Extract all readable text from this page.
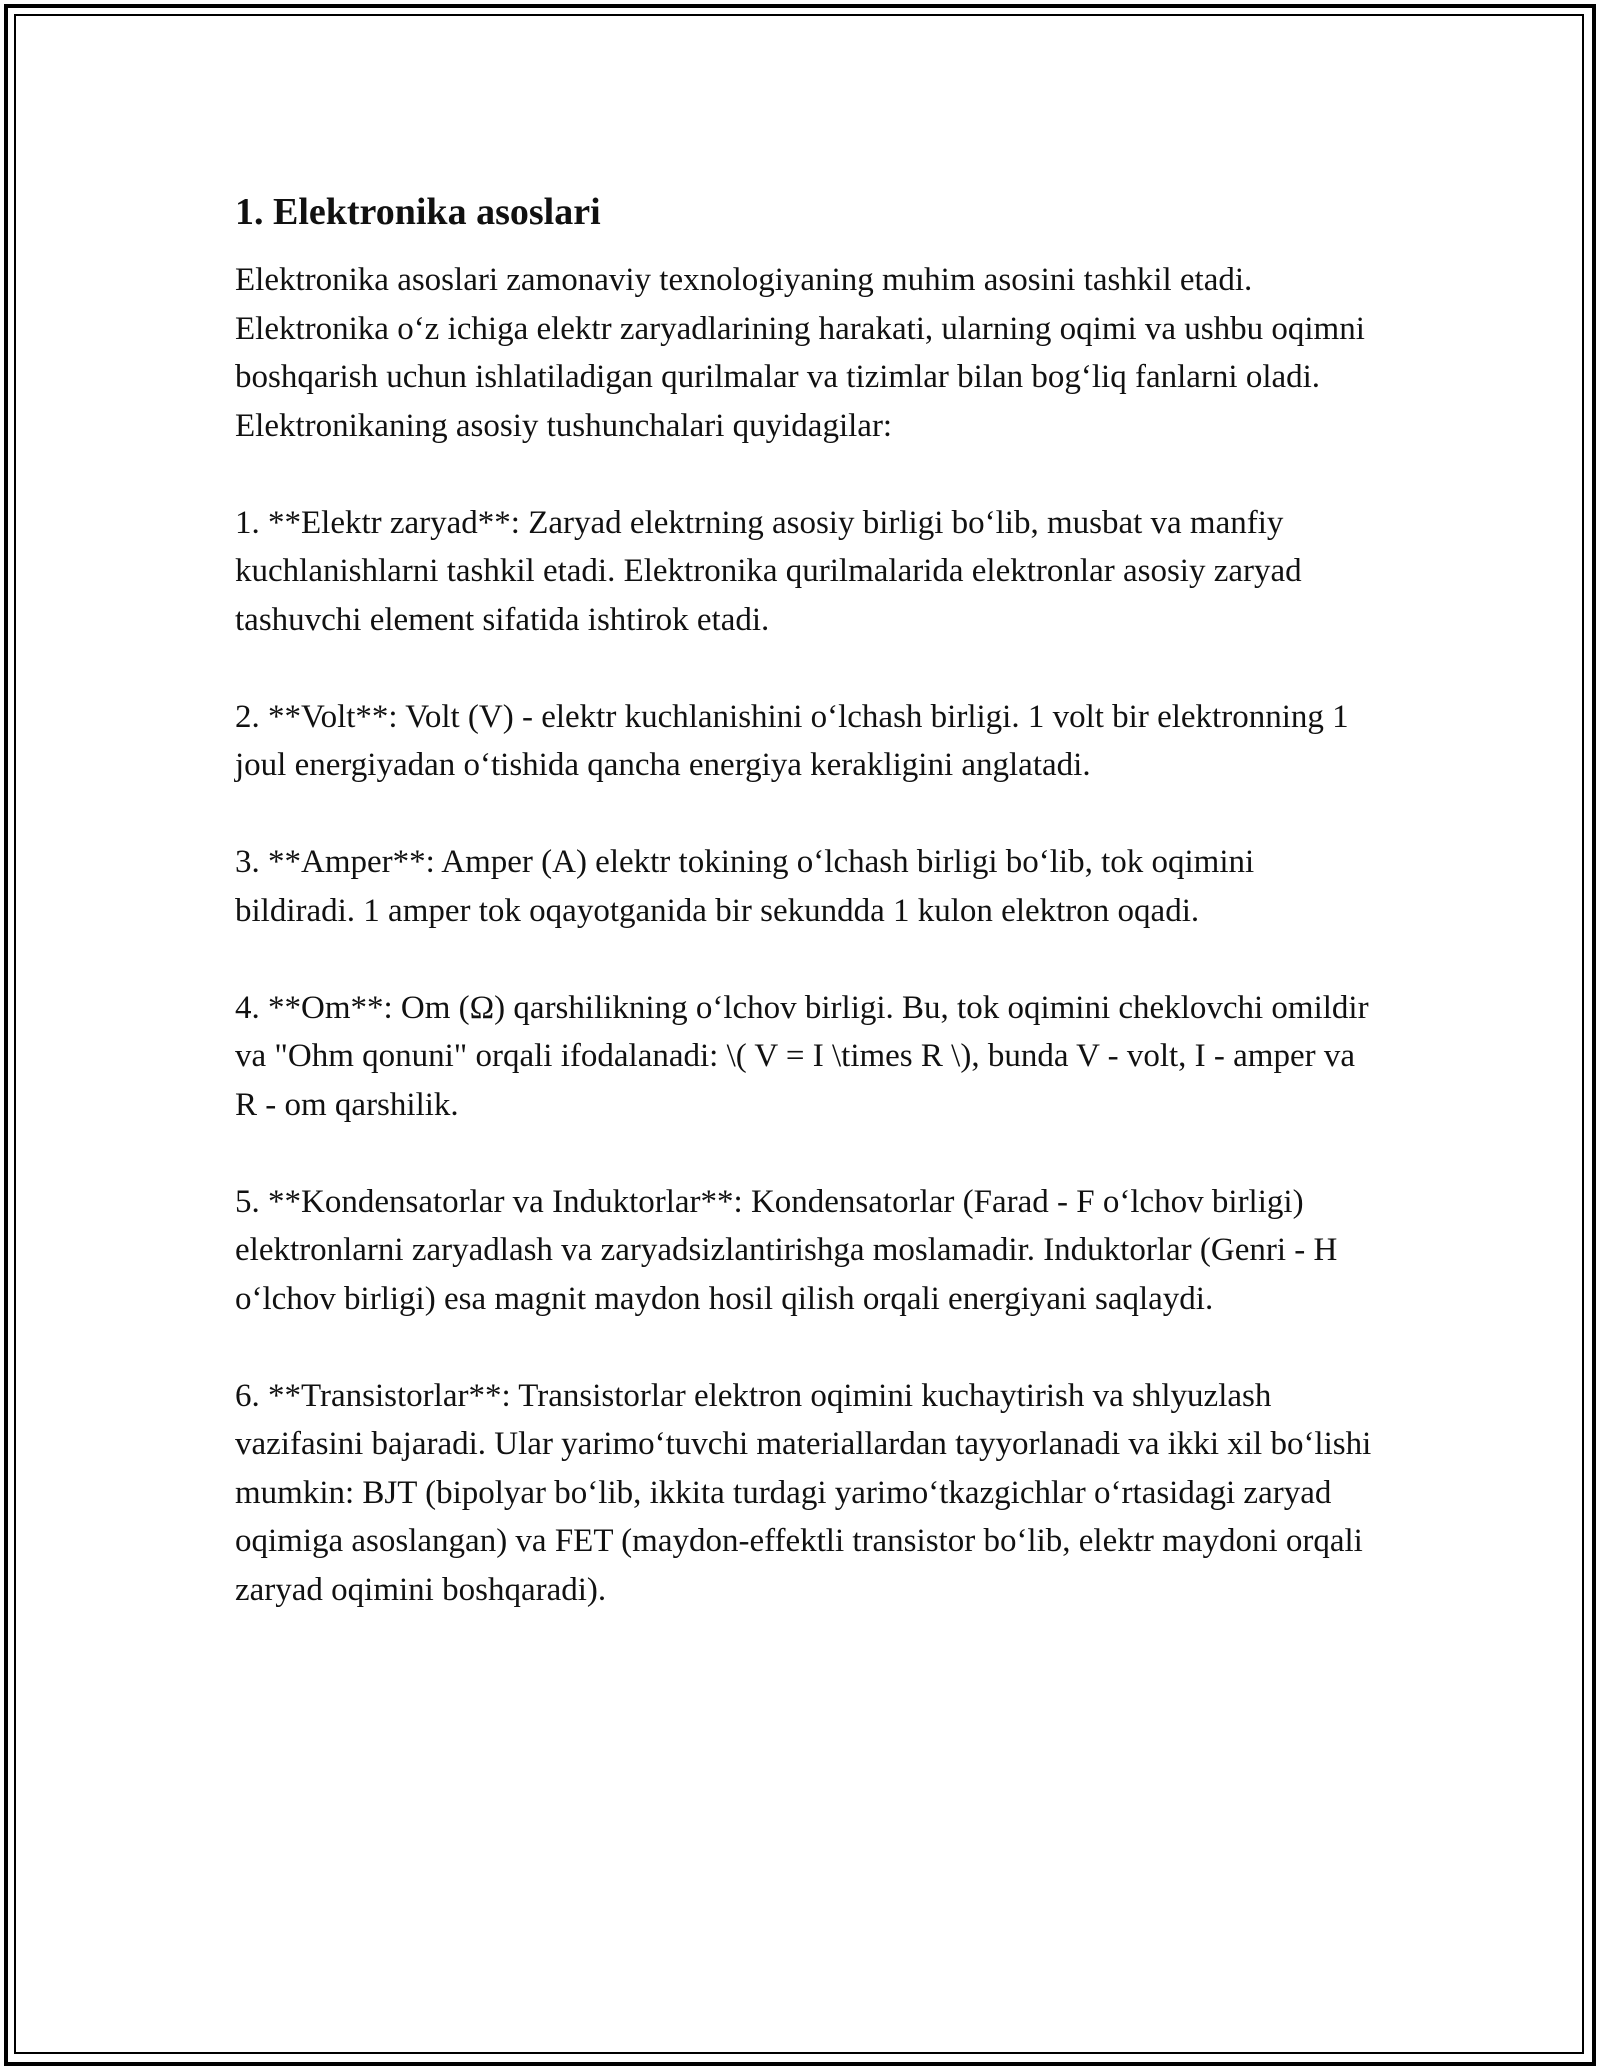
1. Elektronika asoslari

Elektronika asoslari zamonaviy texnologiyaning muhim asosini tashkil etadi. Elektronika o‘z ichiga elektr zaryadlarining harakati, ularning oqimi va ushbu oqimni boshqarish uchun ishlatiladigan qurilmalar va tizimlar bilan bog‘liq fanlarni oladi. Elektronikaning asosiy tushunchalari quyidagilar:

1. **Elektr zaryad**: Zaryad elektrning asosiy birligi bo‘lib, musbat va manfiy kuchlanishlarni tashkil etadi. Elektronika qurilmalarida elektronlar asosiy zaryad tashuvchi element sifatida ishtirok etadi.

2. **Volt**: Volt (V) - elektr kuchlanishini o‘lchash birligi. 1 volt bir elektronning 1 joul energiyadan o‘tishida qancha energiya kerakligini anglatadi.

3. **Amper**: Amper (A) elektr tokining o‘lchash birligi bo‘lib, tok oqimini bildiradi. 1 amper tok oqayotganida bir sekundda 1 kulon elektron oqadi.

4. **Om**: Om (Ω) qarshilikning o‘lchov birligi. Bu, tok oqimini cheklovchi omildir va "Ohm qonuni" orqali ifodalanadi: \( V = I \times R \), bunda V - volt, I - amper va R - om qarshilik.

5. **Kondensatorlar va Induktorlar**: Kondensatorlar (Farad - F o‘lchov birligi) elektronlarni zaryadlash va zaryadsizlantirishga moslamadir. Induktorlar (Genri - H o‘lchov birligi) esa magnit maydon hosil qilish orqali energiyani saqlaydi.

6. **Transistorlar**: Transistorlar elektron oqimini kuchaytirish va shlyuzlash vazifasini bajaradi. Ular yarimo‘tuvchi materiallardan tayyorlanadi va ikki xil bo‘lishi mumkin: BJT (bipolyar bo‘lib, ikkita turdagi yarimo‘tkazgichlar o‘rtasidagi zaryad oqimiga asoslangan) va FET (maydon-effektli transistor bo‘lib, elektr maydoni orqali zaryad oqimini boshqaradi).
